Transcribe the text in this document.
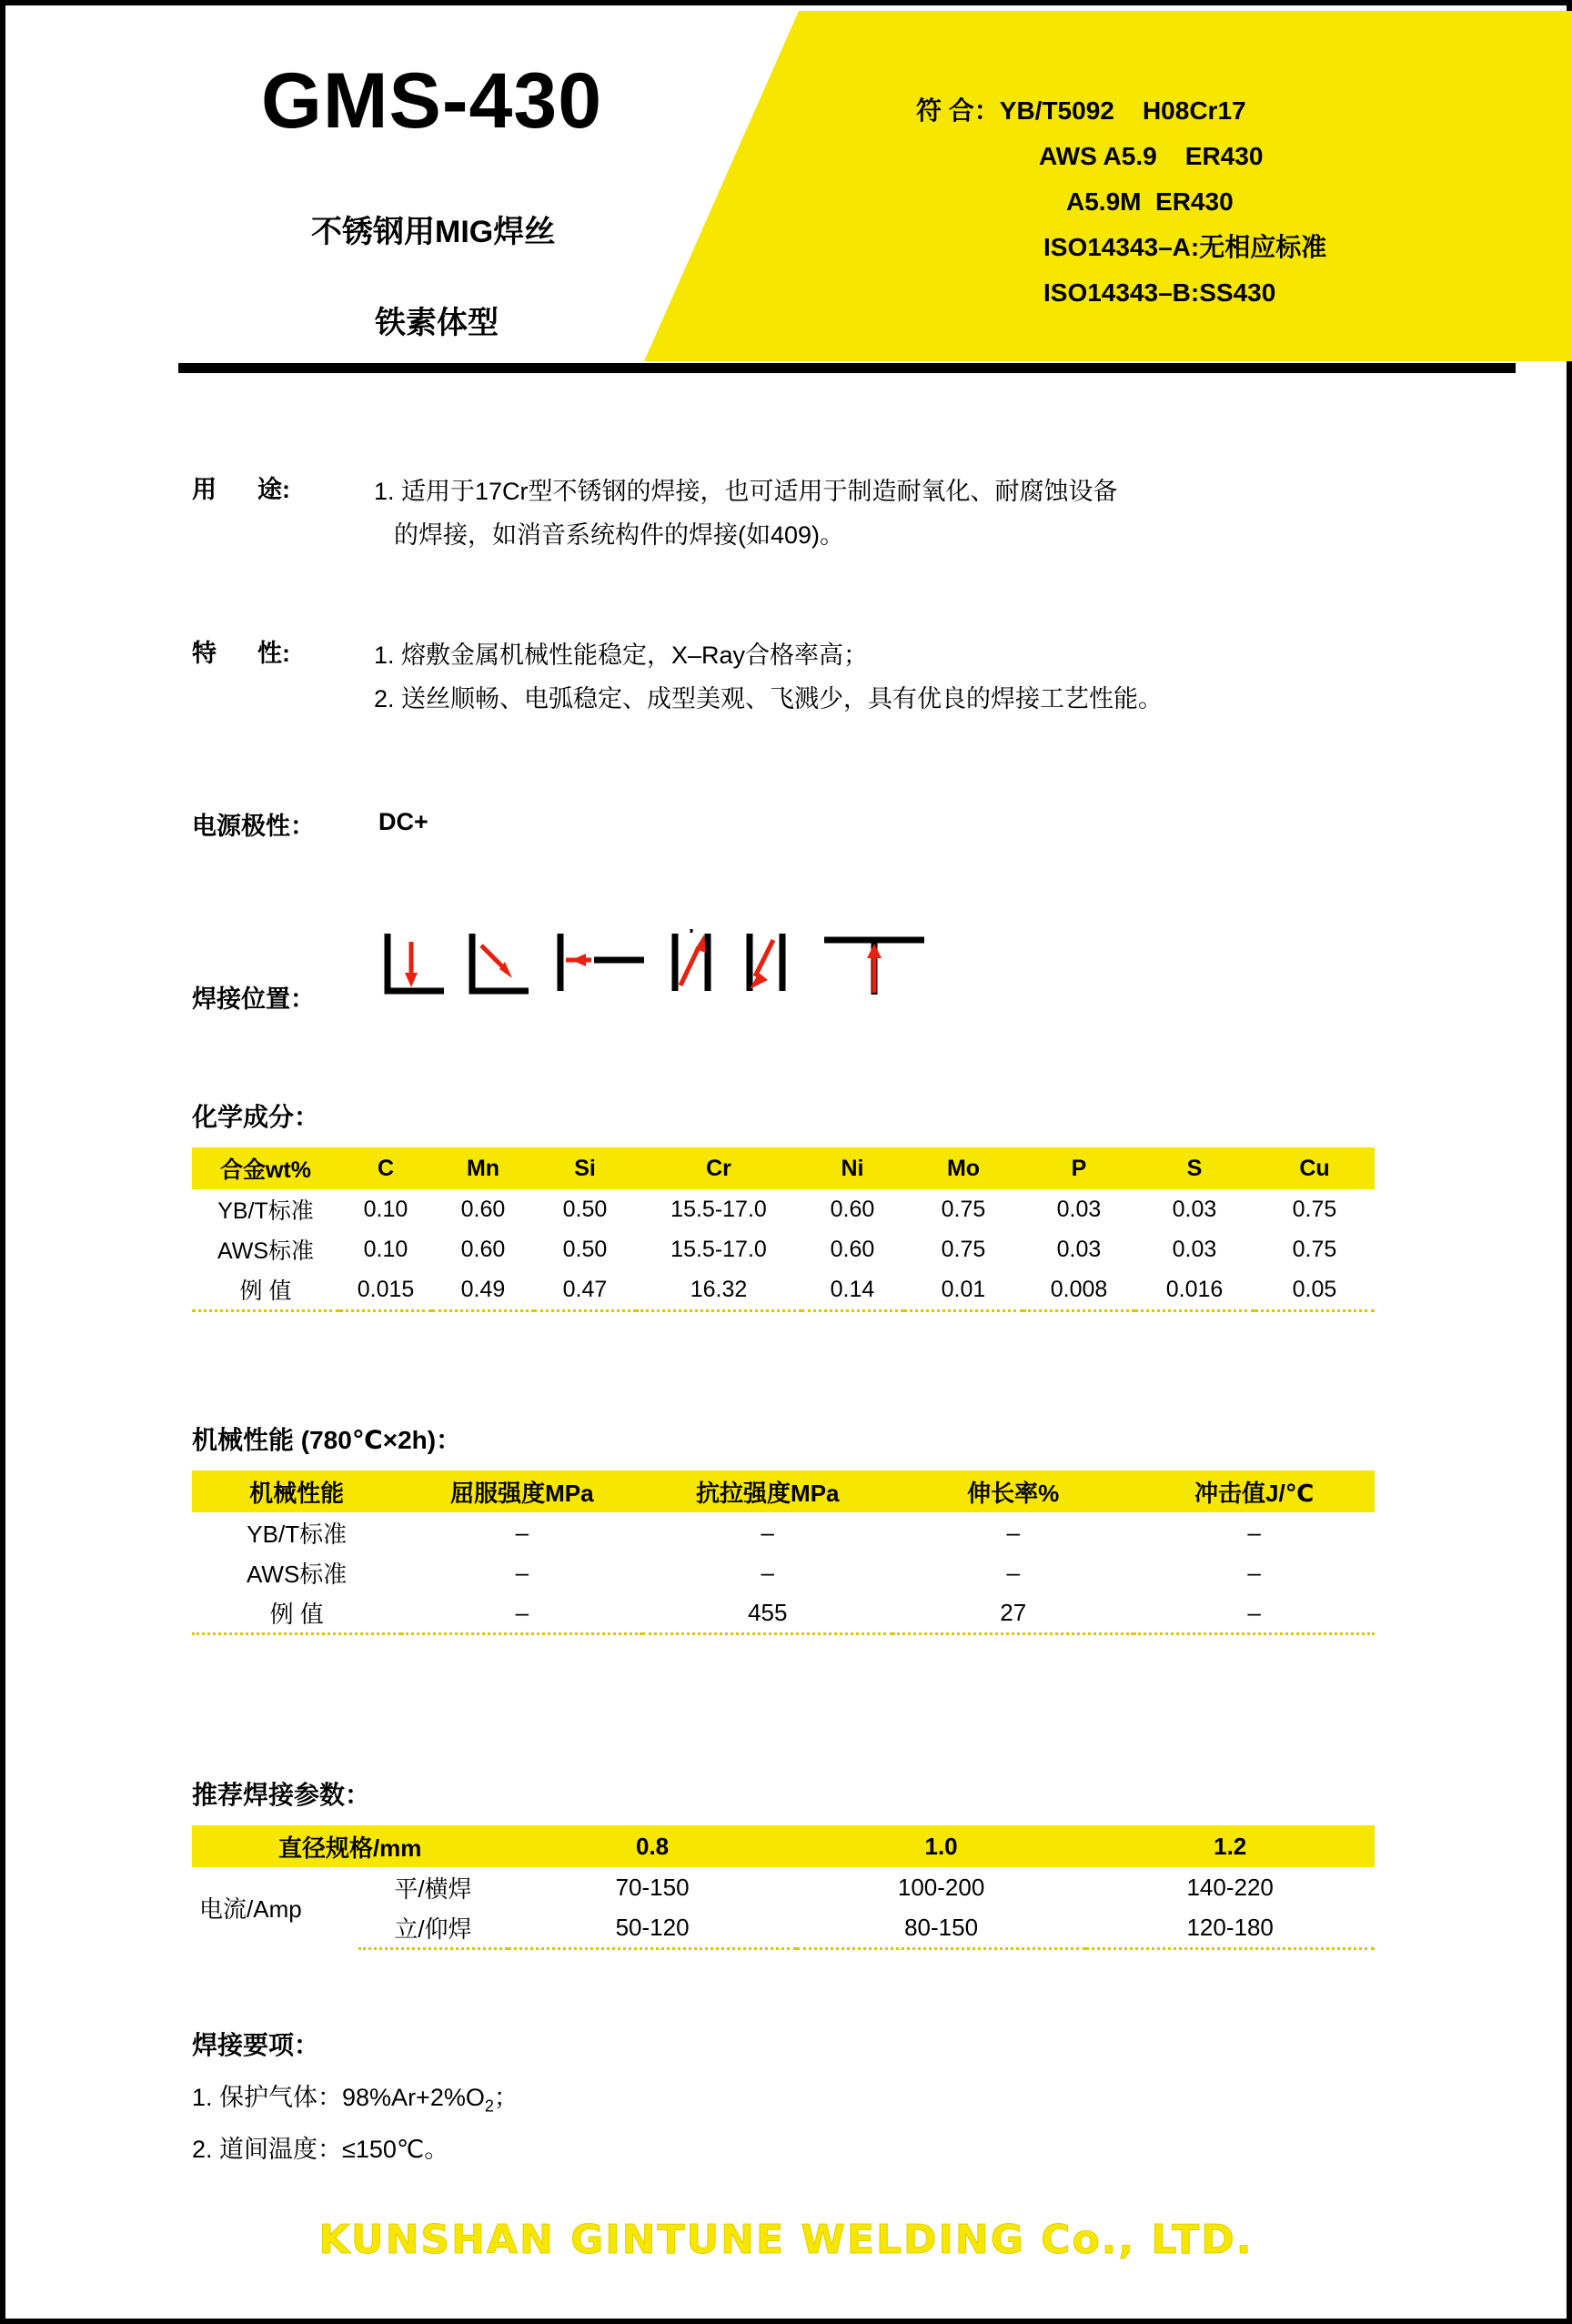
GMS-430
不锈钢用MIG焊丝
铁素体型
符 合：YB/T5092    H08Cr17
AWS A5.9    ER430
A5.9M  ER430
ISO14343–A:无相应标准
ISO14343–B:SS430
用      途:	1. 适用于17Cr型不锈钢的焊接，也可适用于制造耐氧化、耐腐蚀设备
的焊接，如消音系统构件的焊接(如409)。
特      性:	1. 熔敷金属机械性能稳定，X–Ray合格率高；
2. 送丝顺畅、电弧稳定、成型美观、飞溅少，具有优良的焊接工艺性能。
电源极性：	DC+
焊接位置：
化学成分：
合金wt%	C	Mn	Si	Cr	Ni	Mo	P	S	Cu
YB/T标准	0.10	0.60	0.50	15.5-17.0	0.60	0.75	0.03	0.03	0.75
AWS标准	0.10	0.60	0.50	15.5-17.0	0.60	0.75	0.03	0.03	0.75
例 值	0.015	0.49	0.47	16.32	0.14	0.01	0.008	0.016	0.05
机械性能 (780℃×2h)：
机械性能	屈服强度MPa	抗拉强度MPa	伸长率%	冲击值J/℃
YB/T标准	–	–	–	–
AWS标准	–	–	–	–
例 值	–	455	27	–
推荐焊接参数：
直径规格/mm		0.8	1.0	1.2
电流/Amp	平/横焊	70-150	100-200	140-220
	立/仰焊	50-120	80-150	120-180
焊接要项：
1. 保护气体：$98\%Ar+2\%O_2$；
2. 道间温度：≤150℃。
KUNSHAN GINTUNE WELDING Co., LTD.
